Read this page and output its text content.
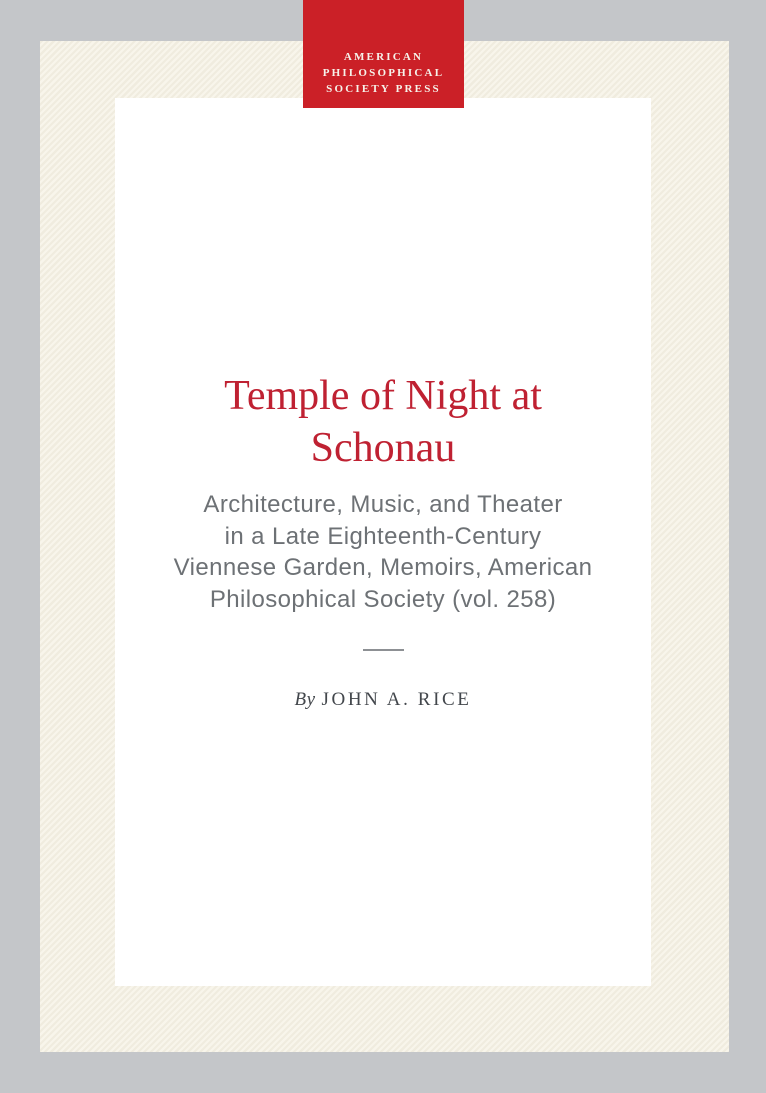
Temple of Night at
Schonau
Architecture, Music, and Theater
in a Late Eighteenth-Century
Viennese Garden, Memoirs, American
Philosophical Society (vol. 258)
By JOHN A. RICE
AMERICAN
PHILOSOPHICAL
SOCIETY PRESS
